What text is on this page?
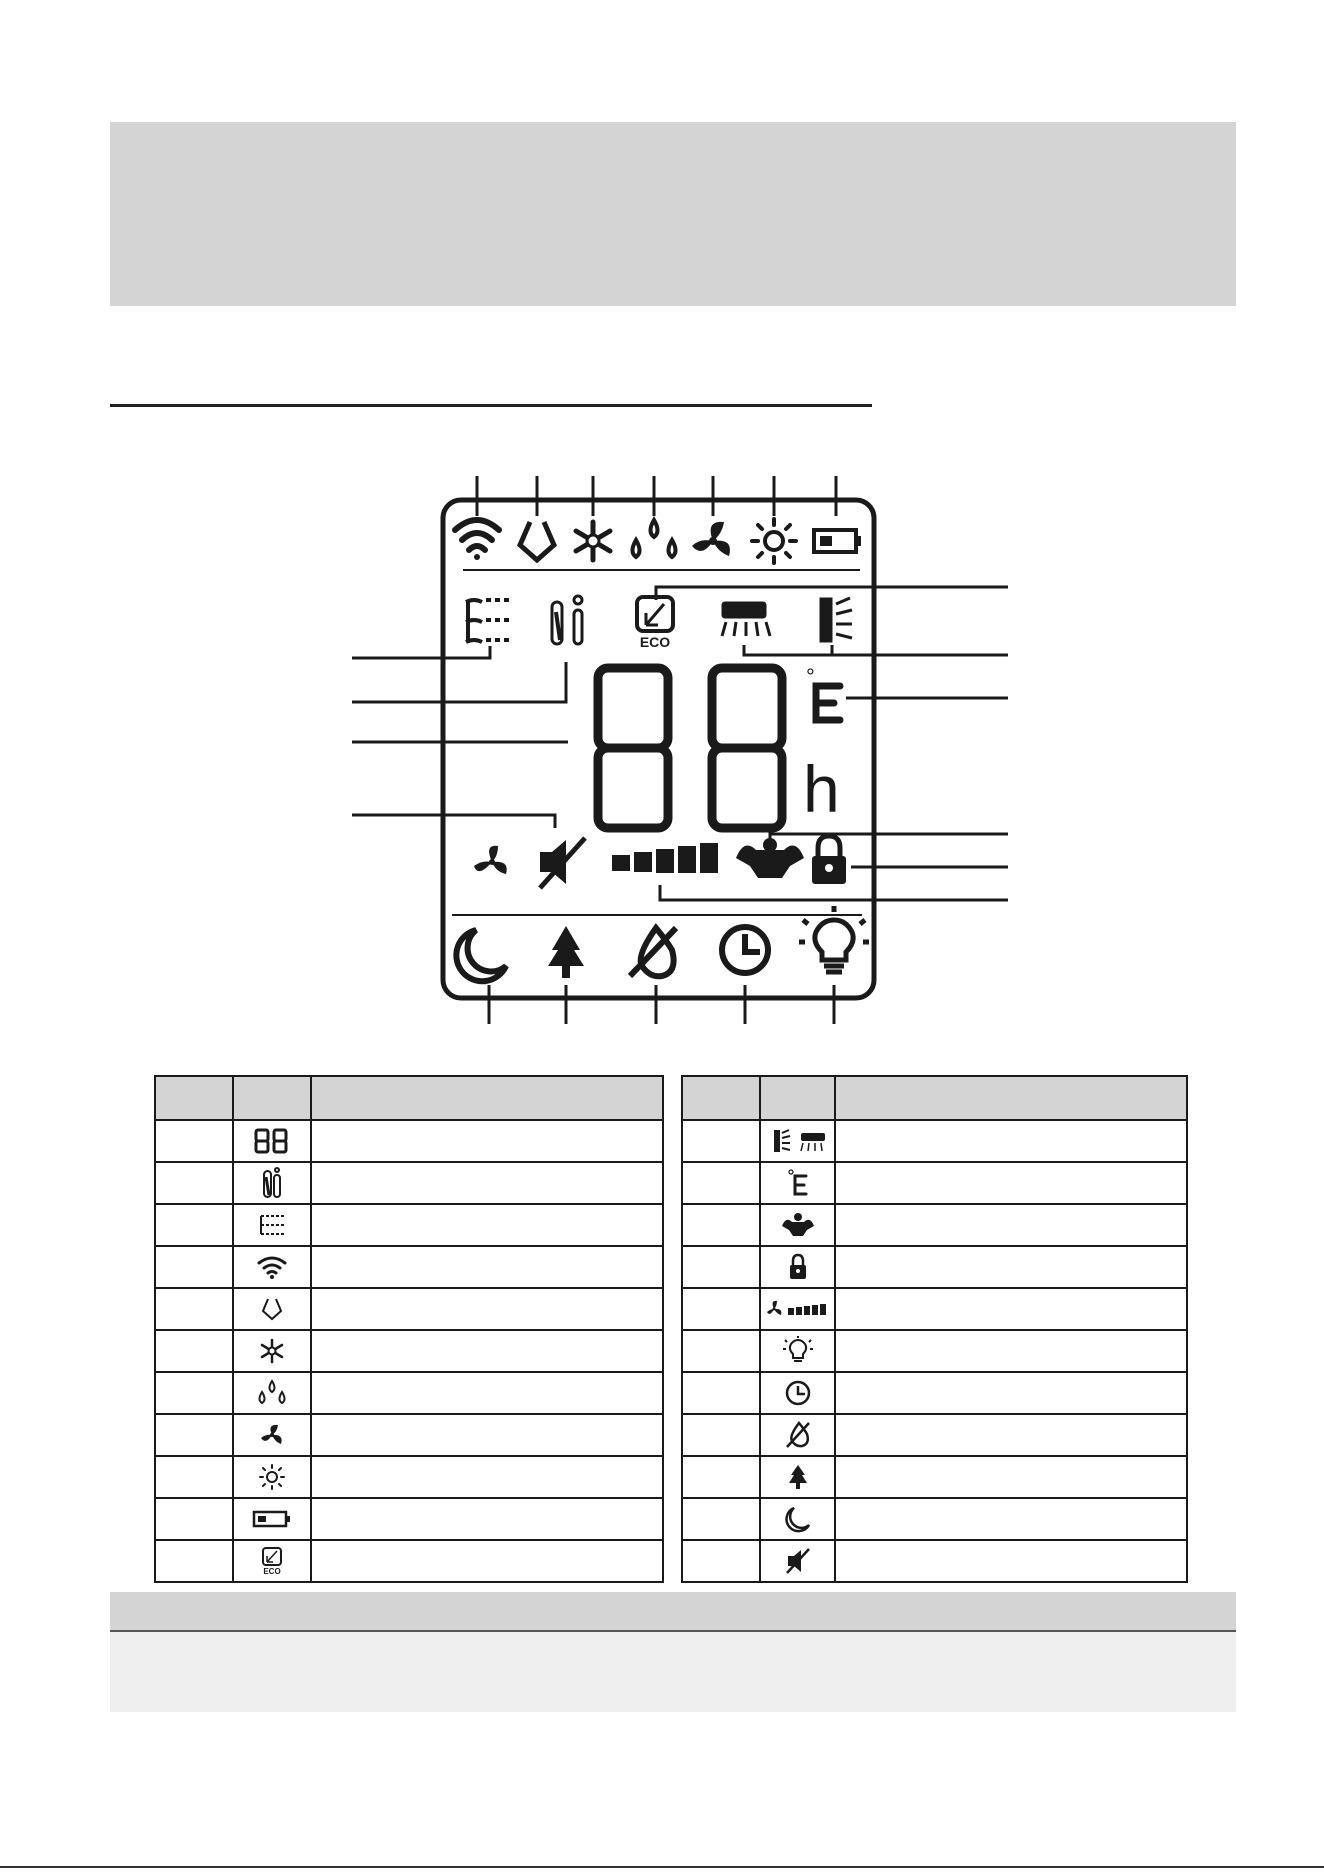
ECO
°
h

ECO	
